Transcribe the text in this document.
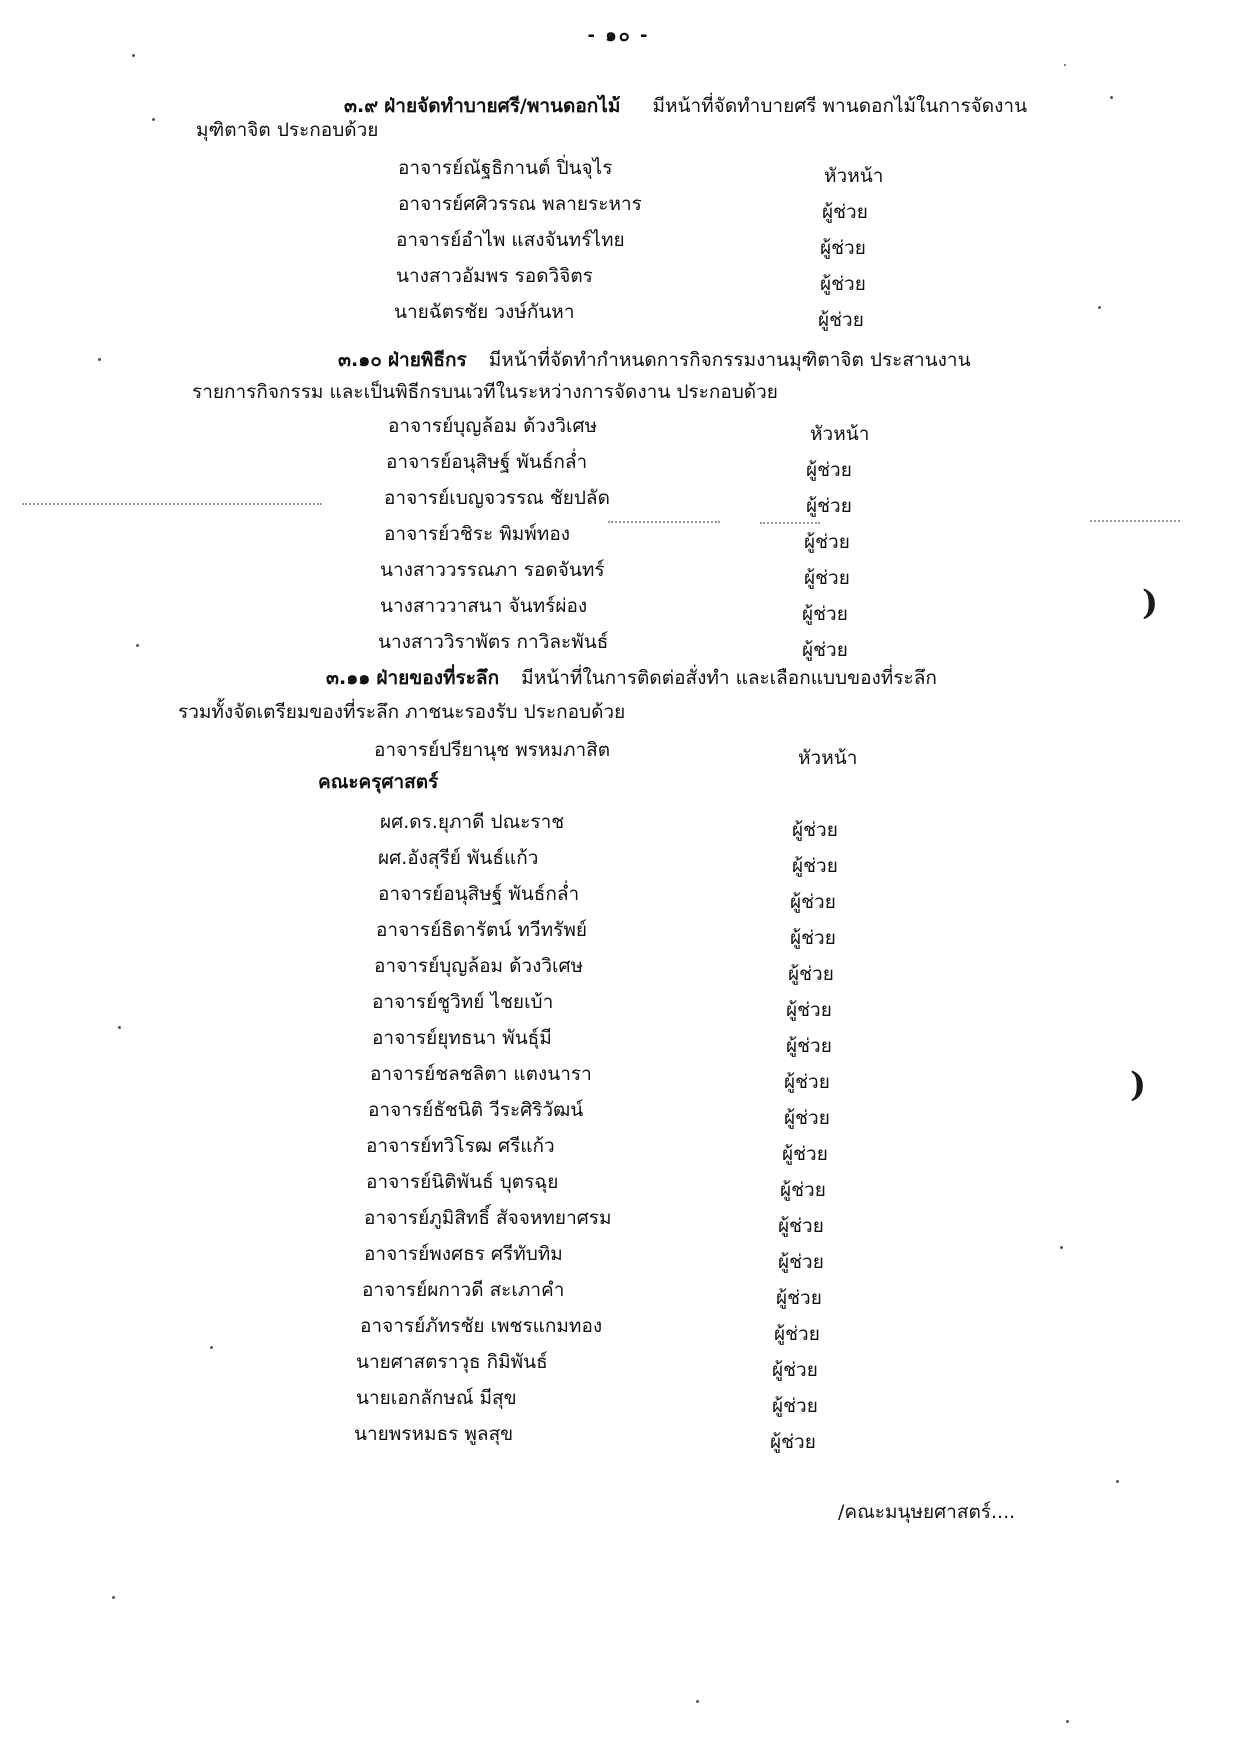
- ๑๐ -
๓.๙ ฝ่ายจัดทำบายศรี/พานดอกไม้ มีหน้าที่จัดทำบายศรี พานดอกไม้ในการจัดงาน
มุฑิตาจิต ประกอบด้วย
อาจารย์ณัฐธิกานต์ ปิ่นจุไร	หัวหน้า
อาจารย์ศศิวรรณ พลายระหาร	ผู้ช่วย
อาจารย์อำไพ แสงจันทร์ไทย	ผู้ช่วย
นางสาวอัมพร รอดวิจิตร	ผู้ช่วย
นายฉัตรชัย วงษ์กันหา	ผู้ช่วย
๓.๑๐ ฝ่ายพิธีกร มีหน้าที่จัดทำกำหนดการกิจกรรมงานมุฑิตาจิต ประสานงาน
รายการกิจกรรม และเป็นพิธีกรบนเวทีในระหว่างการจัดงาน ประกอบด้วย
อาจารย์บุญล้อม ด้วงวิเศษ	หัวหน้า
อาจารย์อนุสิษฐ์ พันธ์กล่ำ	ผู้ช่วย
อาจารย์เบญจวรรณ ชัยปลัด	ผู้ช่วย
อาจารย์วชิระ พิมพ์ทอง	ผู้ช่วย
นางสาววรรณภา รอดจันทร์	ผู้ช่วย
นางสาววาสนา จันทร์ผ่อง	ผู้ช่วย
นางสาววิราพัตร กาวิละพันธ์	ผู้ช่วย
๓.๑๑ ฝ่ายของที่ระลึก มีหน้าที่ในการติดต่อสั่งทำ และเลือกแบบของที่ระลึก
รวมทั้งจัดเตรียมของที่ระลึก ภาชนะรองรับ ประกอบด้วย
อาจารย์ปรียานุช พรหมภาสิต	หัวหน้า
คณะครุศาสตร์
ผศ.ดร.ยุภาดี ปณะราช	ผู้ช่วย
ผศ.อังสุรีย์ พันธ์แก้ว	ผู้ช่วย
อาจารย์อนุสิษฐ์ พันธ์กล่ำ	ผู้ช่วย
อาจารย์ธิดารัตน์ ทวีทรัพย์	ผู้ช่วย
อาจารย์บุญล้อม ด้วงวิเศษ	ผู้ช่วย
อาจารย์ชูวิทย์ ไชยเบ้า	ผู้ช่วย
อาจารย์ยุทธนา พันธุ์มี	ผู้ช่วย
อาจารย์ชลชลิตา แตงนารา	ผู้ช่วย
อาจารย์ธัชนิติ วีระศิริวัฒน์	ผู้ช่วย
อาจารย์ทวิโรฒ ศรีแก้ว	ผู้ช่วย
อาจารย์นิติพันธ์ บุตรฉุย	ผู้ช่วย
อาจารย์ภูมิสิทธิ์ สัจจหทยาศรม	ผู้ช่วย
อาจารย์พงศธร ศรีทับทิม	ผู้ช่วย
อาจารย์ผกาวดี สะเภาคำ	ผู้ช่วย
อาจารย์ภัทรชัย เพชรแกมทอง	ผู้ช่วย
นายศาสตราวุธ กิมิพันธ์	ผู้ช่วย
นายเอกลักษณ์ มีสุข	ผู้ช่วย
นายพรหมธร พูลสุข	ผู้ช่วย
/คณะมนุษยศาสตร์....
)
)
